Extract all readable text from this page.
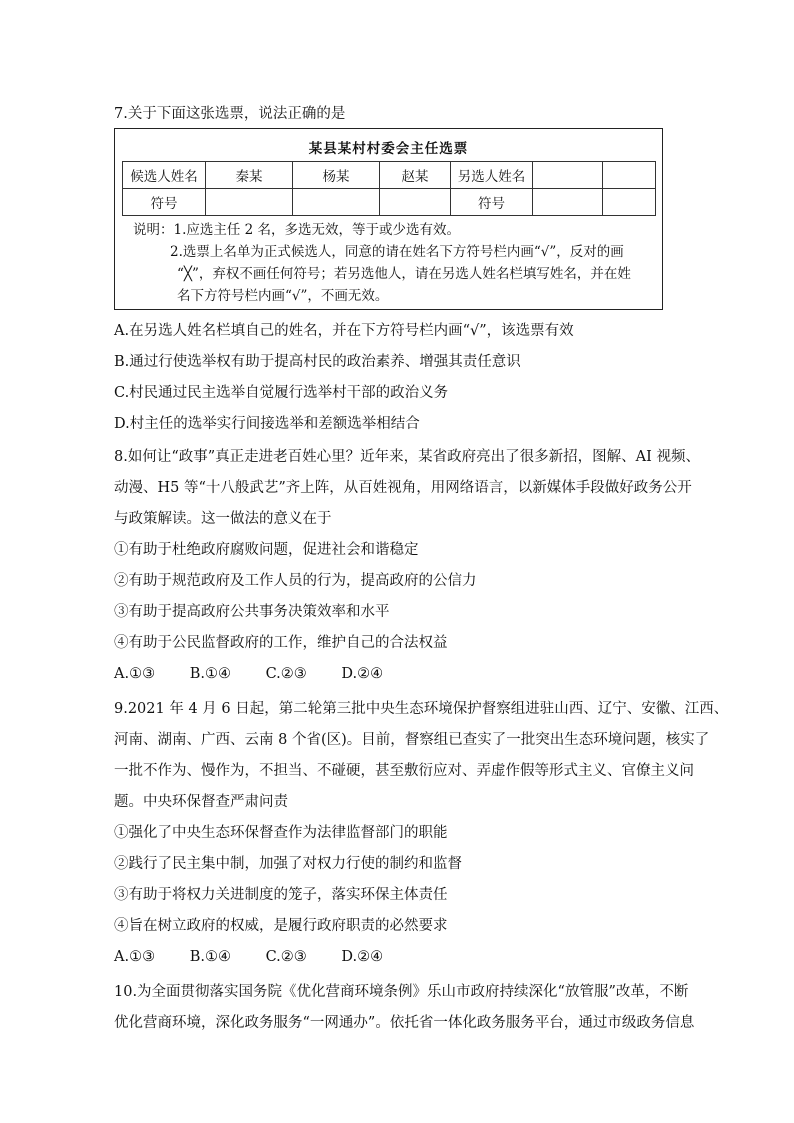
7.关于下面这张选票，说法正确的是
某县某村村委会主任选票
候选人姓名	秦某	杨某	赵某	另选人姓名		
符号				符号		
说明：1.应选主任 2 名，多选无效，等于或少选有效。
2.选票上名单为正式候选人，同意的请在姓名下方符号栏内画“√”，反对的画
“╳”，弃权不画任何符号；若另选他人，请在另选人姓名栏填写姓名，并在姓
名下方符号栏内画“√”，不画无效。
A.在另选人姓名栏填自己的姓名，并在下方符号栏内画“√”，该选票有效
B.通过行使选举权有助于提高村民的政治素养、增强其责任意识
C.村民通过民主选举自觉履行选举村干部的政治义务
D.村主任的选举实行间接选举和差额选举相结合
8.如何让“政事”真正走进老百姓心里？近年来，某省政府亮出了很多新招，图解、AI 视频、
动漫、H5 等“十八般武艺”齐上阵，从百姓视角，用网络语言，以新媒体手段做好政务公开
与政策解读。这一做法的意义在于
①有助于杜绝政府腐败问题，促进社会和谐稳定
②有助于规范政府及工作人员的行为，提高政府的公信力
③有助于提高政府公共事务决策效率和水平
④有助于公民监督政府的工作，维护自己的合法权益
A.①③ B.①④ C.②③ D.②④
9.2021 年 4 月 6 日起，第二轮第三批中央生态环境保护督察组进驻山西、辽宁、安徽、江西、
河南、湖南、广西、云南 8 个省(区)。目前，督察组已查实了一批突出生态环境问题，核实了
一批不作为、慢作为，不担当、不碰硬，甚至敷衍应对、弄虚作假等形式主义、官僚主义问
题。中央环保督查严肃问责
①强化了中央生态环保督查作为法律监督部门的职能
②践行了民主集中制，加强了对权力行使的制约和监督
③有助于将权力关进制度的笼子，落实环保主体责任
④旨在树立政府的权威，是履行政府职责的必然要求
A.①③ B.①④ C.②③ D.②④
10.为全面贯彻落实国务院《优化营商环境条例》乐山市政府持续深化“放管服”改革，不断
优化营商环境，深化政务服务“一网通办”。依托省一体化政务服务平台，通过市级政务信息
